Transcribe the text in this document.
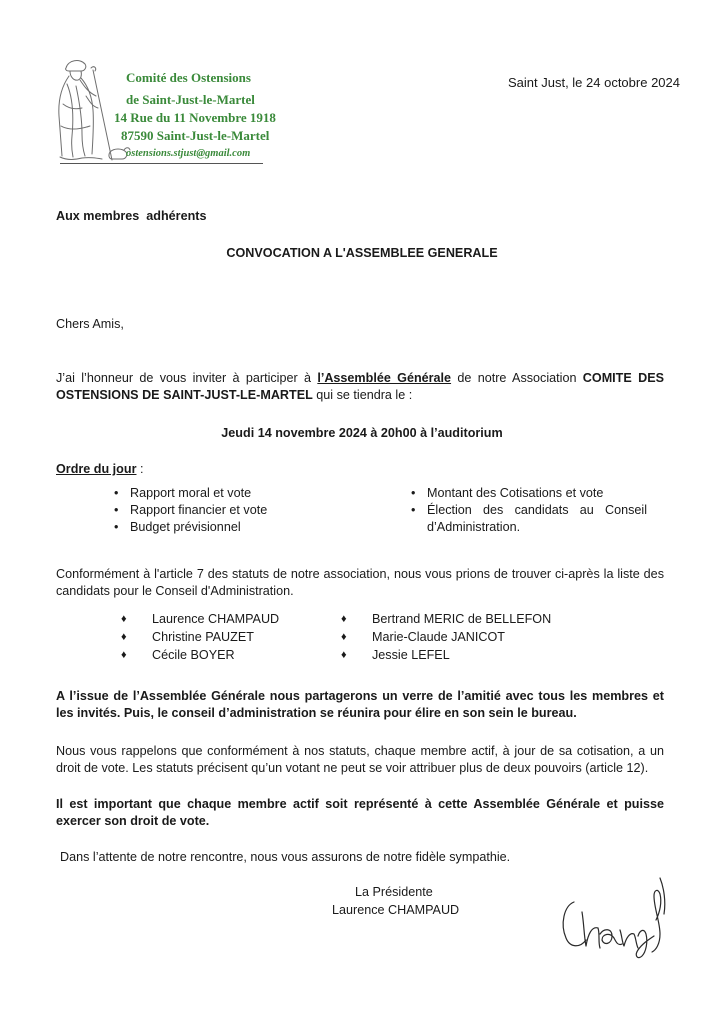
Comité des Ostensions
de Saint-Just-le-Martel
14 Rue du 11 Novembre 1918
87590 Saint-Just-le-Martel
ostensions.stjust@gmail.com
Saint Just, le 24 octobre 2024
Aux membres  adhérents
CONVOCATION A L'ASSEMBLEE GENERALE
Chers Amis,
J’ai l’honneur de vous inviter à participer à l’Assemblée Générale de notre Association COMITE DES OSTENSIONS DE SAINT-JUST-LE-MARTEL qui se tiendra le :
Jeudi 14 novembre 2024 à 20h00 à l’auditorium
Ordre du jour :
• Rapport moral et vote
• Rapport financier et vote
• Budget prévisionnel
• Montant des Cotisations et vote
• Élection des candidats au Conseil d’Administration.
Conformément à l'article 7 des statuts de notre association, nous vous prions de trouver ci-après la liste des candidats pour le Conseil d'Administration.
♦ Laurence CHAMPAUD
♦ Christine PAUZET
♦ Cécile BOYER
♦ Bertrand MERIC de BELLEFON
♦ Marie-Claude JANICOT
♦ Jessie LEFEL
A l’issue de l’Assemblée Générale nous partagerons un verre de l’amitié avec tous les membres et les invités. Puis, le conseil d’administration se réunira pour élire en son sein le bureau.
Nous vous rappelons que conformément à nos statuts, chaque membre actif, à jour de sa cotisation, a un droit de vote. Les statuts précisent qu’un votant ne peut se voir attribuer plus de deux pouvoirs (article 12).
Il est important que chaque membre actif soit représenté à cette Assemblée Générale et puisse exercer son droit de vote.
Dans l’attente de notre rencontre, nous vous assurons de notre fidèle sympathie.
La Présidente
Laurence CHAMPAUD
